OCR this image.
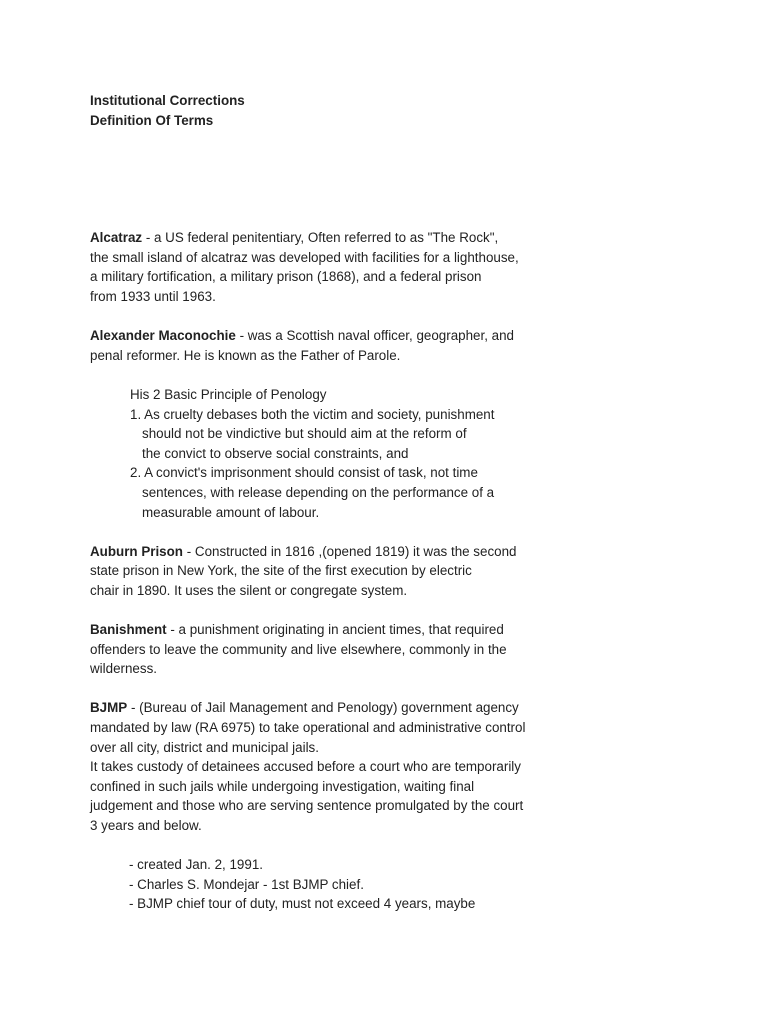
Institutional Corrections
Definition Of Terms
Alcatraz - a US federal penitentiary, Often referred to as "The Rock",
the small island of alcatraz was developed with facilities for a lighthouse,
a military fortification, a military prison (1868), and a federal prison
from 1933 until 1963.
Alexander Maconochie - was a Scottish naval officer, geographer, and
penal reformer. He is known as the Father of Parole.
His 2 Basic Principle of Penology
1. As cruelty debases both the victim and society, punishment
should not be vindictive but should aim at the reform of
the convict to observe social constraints, and
2. A convict's imprisonment should consist of task, not time
sentences, with release depending on the performance of a
measurable amount of labour.
Auburn Prison - Constructed in 1816 ,(opened 1819) it was the second
state prison in New York, the site of the first execution by electric
chair in 1890. It uses the silent or congregate system.
Banishment - a punishment originating in ancient times, that required
offenders to leave the community and live elsewhere, commonly in the
wilderness.
BJMP - (Bureau of Jail Management and Penology) government agency
mandated by law (RA 6975) to take operational and administrative control
over all city, district and municipal jails.
It takes custody of detainees accused before a court who are temporarily
confined in such jails while undergoing investigation, waiting final
judgement and those who are serving sentence promulgated by the court
3 years and below.
- created Jan. 2, 1991.
- Charles S. Mondejar - 1st BJMP chief.
- BJMP chief tour of duty, must not exceed 4 years, maybe
